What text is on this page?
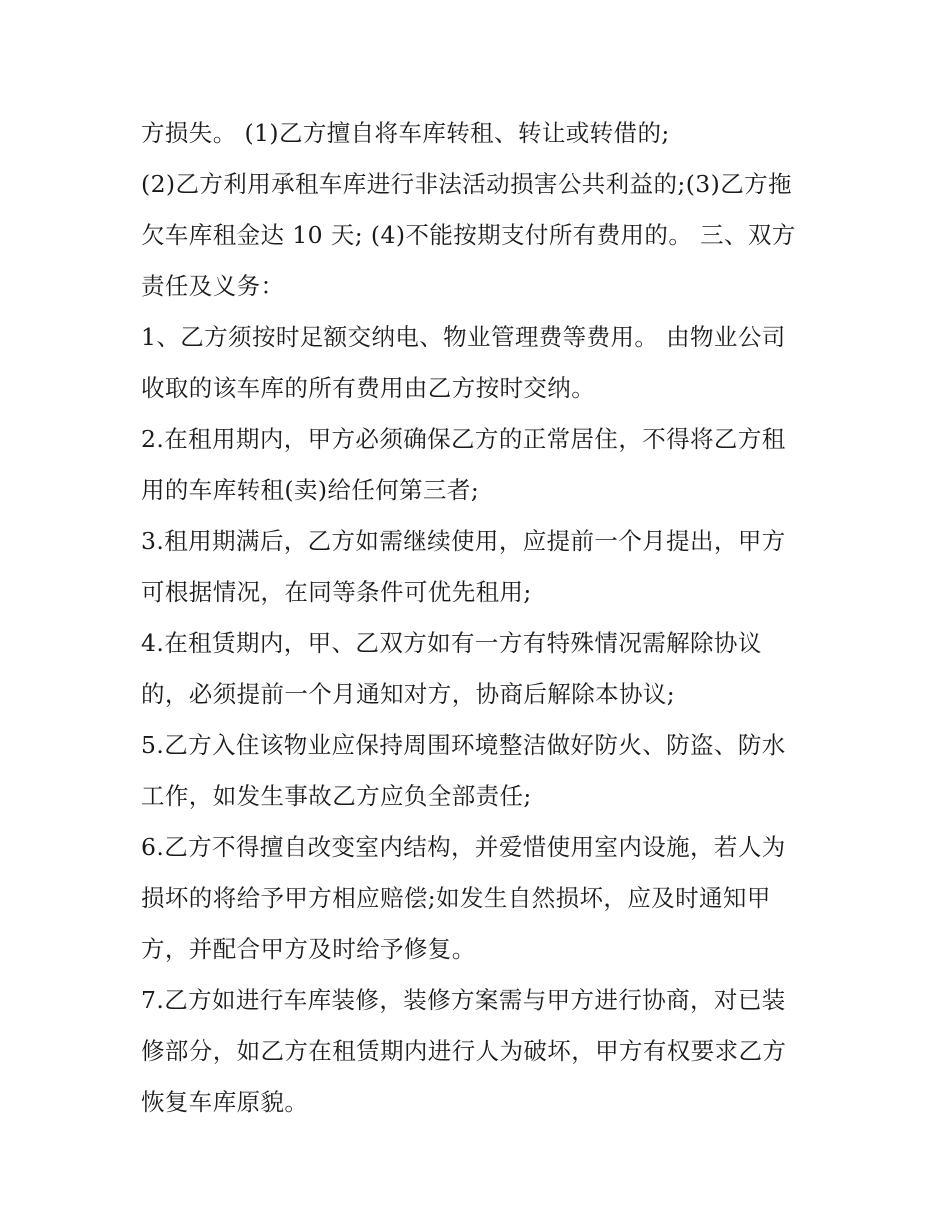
方损失。 (1)乙方擅自将车库转租、转让或转借的;
(2)乙方利用承租车库进行非法活动损害公共利益的;(3)乙方拖
欠车库租金达 10 天; (4)不能按期支付所有费用的。 三、双方
责任及义务：
1、乙方须按时足额交纳电、物业管理费等费用。 由物业公司
收取的该车库的所有费用由乙方按时交纳。
2.在租用期内，甲方必须确保乙方的正常居住，不得将乙方租
用的车库转租(卖)给任何第三者;
3.租用期满后，乙方如需继续使用，应提前一个月提出，甲方
可根据情况，在同等条件可优先租用;
4.在租赁期内，甲、乙双方如有一方有特殊情况需解除协议
的，必须提前一个月通知对方，协商后解除本协议;
5.乙方入住该物业应保持周围环境整洁做好防火、防盗、防水
工作，如发生事故乙方应负全部责任;
6.乙方不得擅自改变室内结构，并爱惜使用室内设施，若人为
损坏的将给予甲方相应赔偿;如发生自然损坏，应及时通知甲
方，并配合甲方及时给予修复。
7.乙方如进行车库装修，装修方案需与甲方进行协商，对已装
修部分，如乙方在租赁期内进行人为破坏，甲方有权要求乙方
恢复车库原貌。
